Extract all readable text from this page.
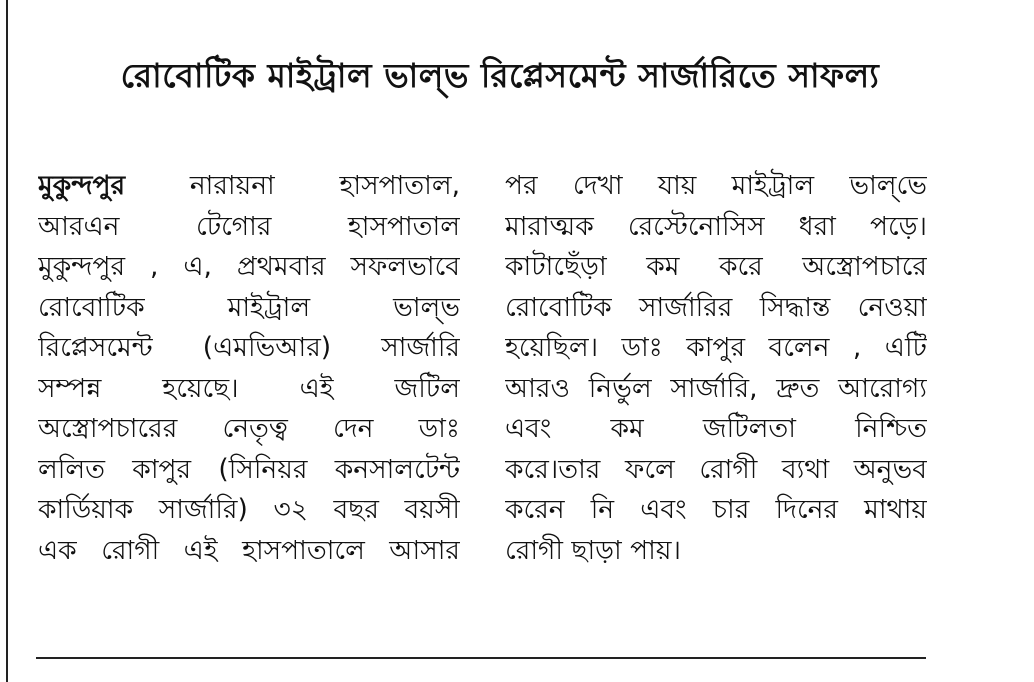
রোবোটিক মাইট্রাল ভাল্‌ভ রিপ্লেসমেন্ট সার্জারিতে সাফল্য
মুকুন্দপুর নারায়না হাসপাতাল,
আরএন টেগোর হাসপাতাল
মুকুন্দপুর , এ, প্রথমবার সফলভাবে
রোবোটিক মাইট্রাল ভাল্‌ভ
রিপ্লেসমেন্ট (এমভিআর) সার্জারি
সম্পন্ন হয়েছে। এই জটিল
অস্ত্রোপচারের নেতৃত্ব দেন ডাঃ
ললিত কাপুর (সিনিয়র কনসালটেন্ট
কার্ডিয়াক সার্জারি) ৩২ বছর বয়সী
এক রোগী এই হাসপাতালে আসার
পর দেখা যায় মাইট্রাল ভাল্‌ভে
মারাত্মক রেস্টেনোসিস ধরা পড়ে।
কাটাছেঁড়া কম করে অস্ত্রোপচারে
রোবোটিক সার্জারির সিদ্ধান্ত নেওয়া
হয়েছিল। ডাঃ কাপুর বলেন , এটি
আরও নির্ভুল সার্জারি, দ্রুত আরোগ্য
এবং কম জটিলতা নিশ্চিত
করে।তার ফলে রোগী ব্যথা অনুভব
করেন নি এবং চার দিনের মাথায়
রোগী ছাড়া পায়।
